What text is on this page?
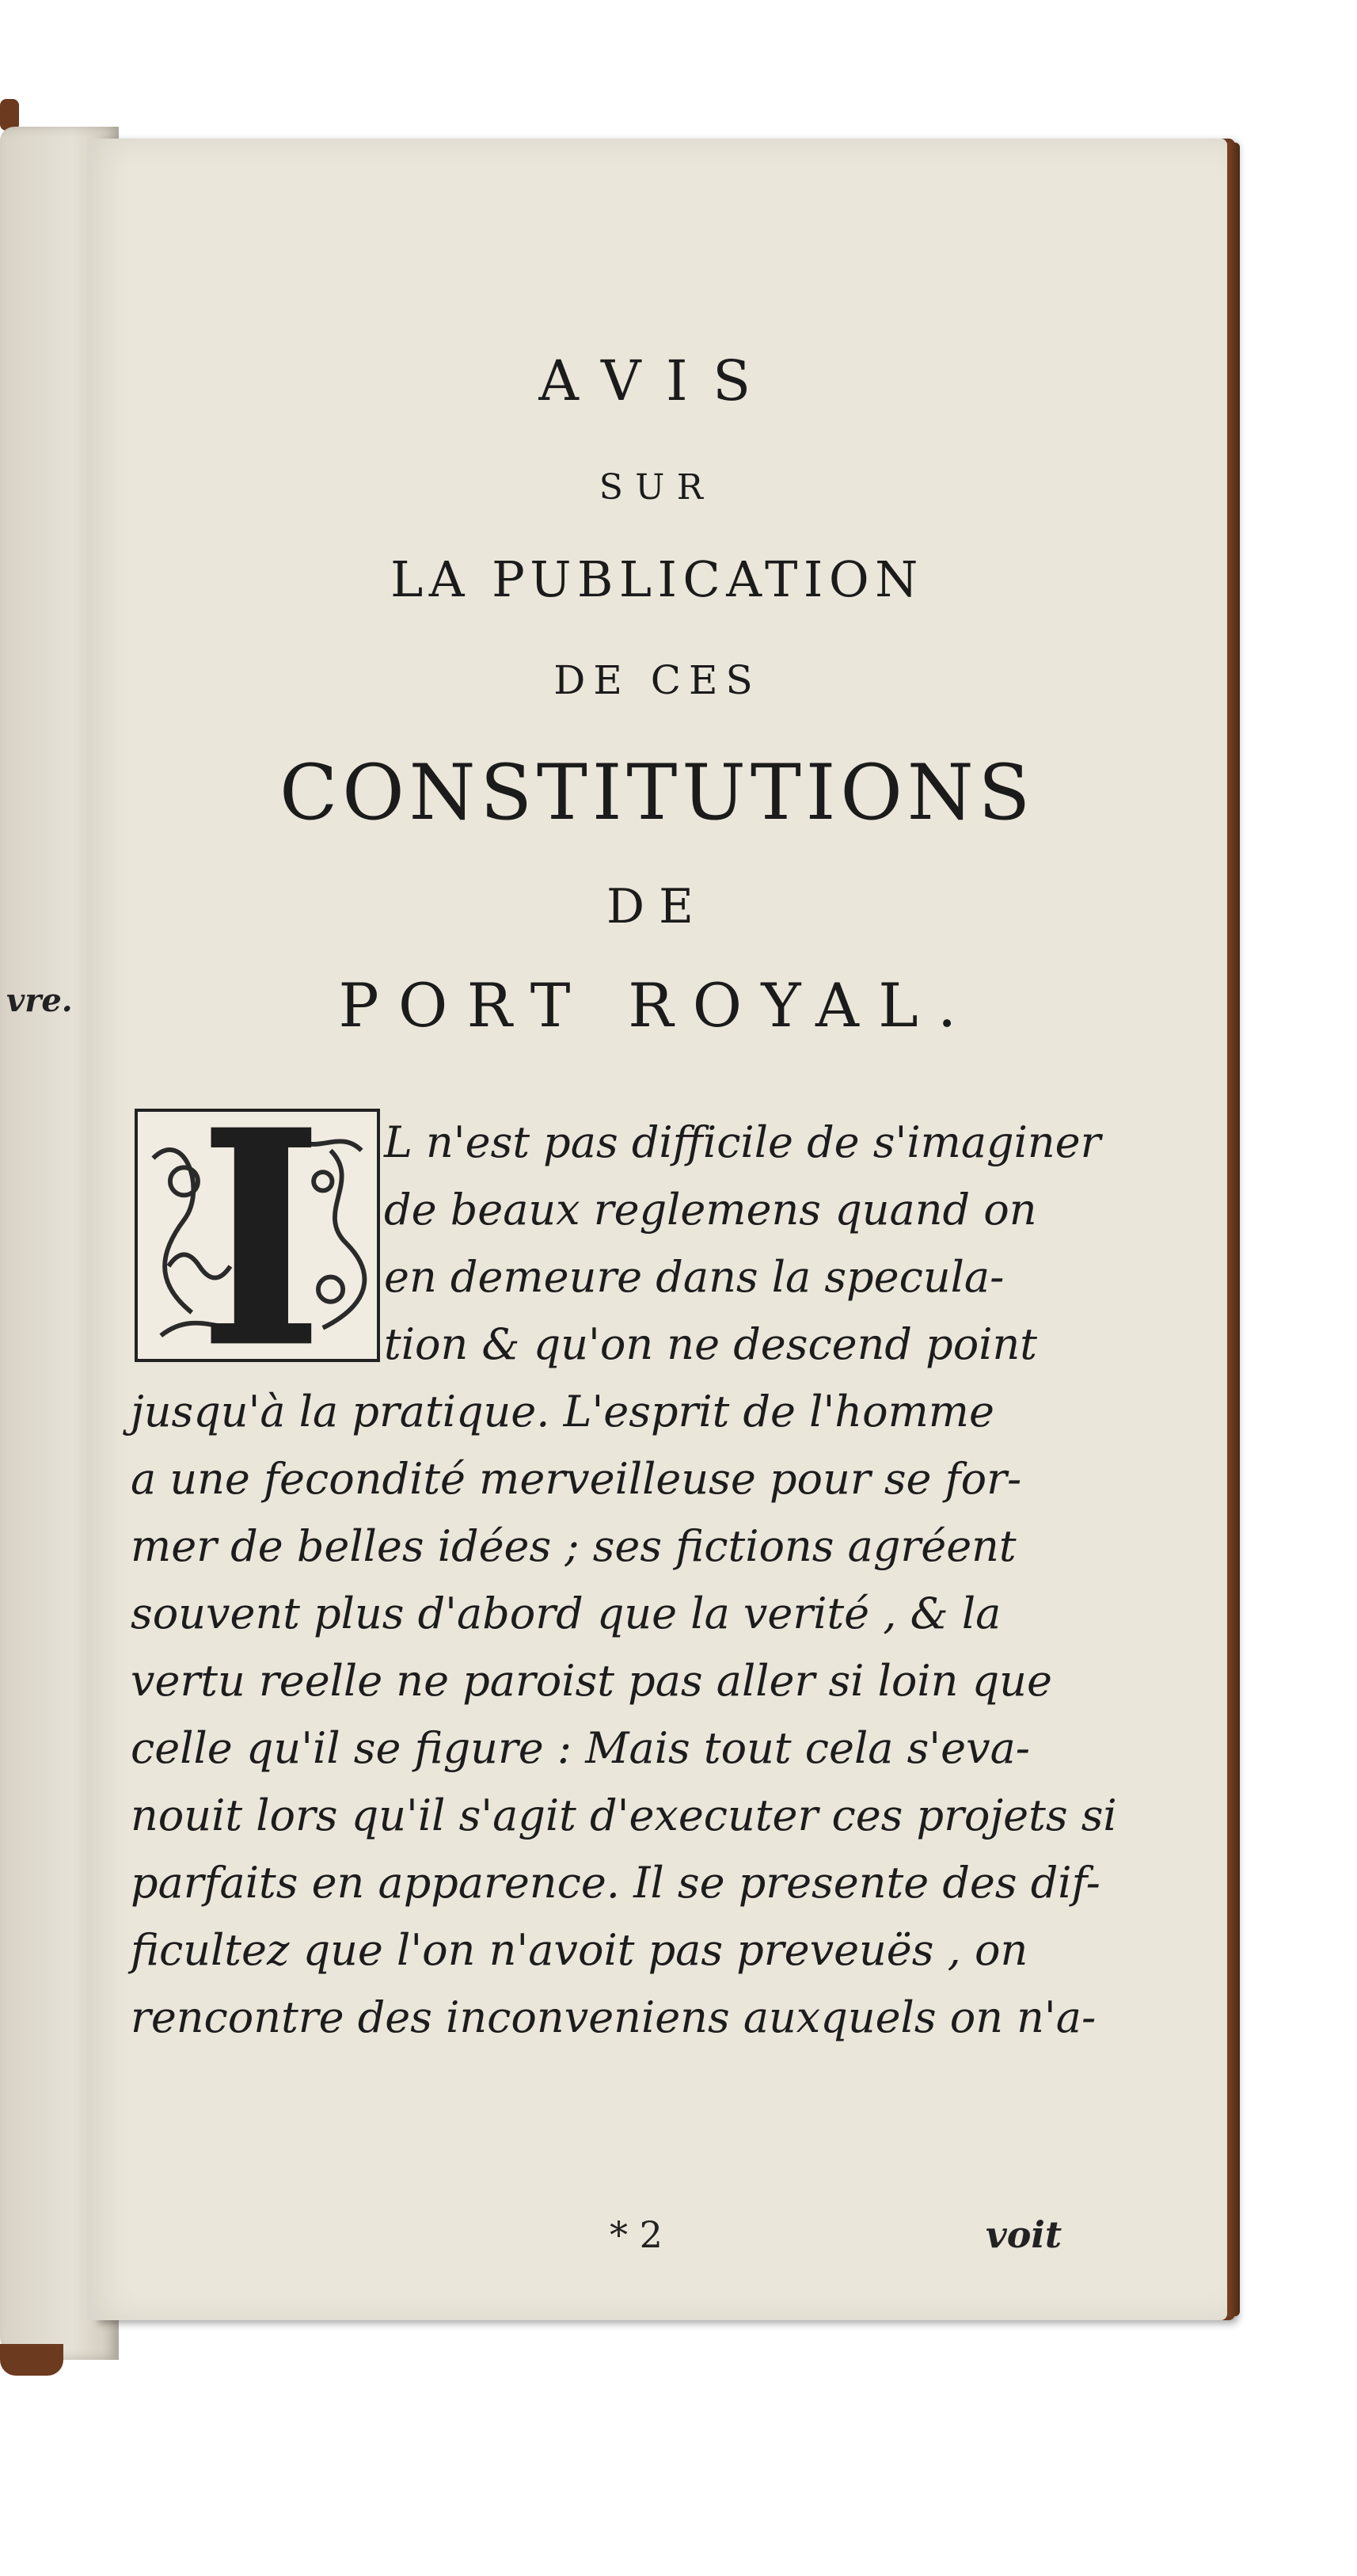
vre.
AVIS
SUR
LA PUBLICATION
DE CES
CONSTITUTIONS
DE
PORT ROYAL.
L n'est pas difficile de s'imaginer
de beaux reglemens quand on
en demeure dans la specula-
tion & qu'on ne descend point
jusqu'à la pratique. L'esprit de l'homme
a une fecondité merveilleuse pour se for-
mer de belles idées ; ses fictions agréent
souvent plus d'abord que la verité , & la
vertu reelle ne paroist pas aller si loin que
celle qu'il se figure : Mais tout cela s'eva-
nouit lors qu'il s'agit d'executer ces projets si
parfaits en apparence. Il se presente des dif-
ficultez que l'on n'avoit pas preveuës , on
rencontre des inconveniens auxquels on n'a-
* 2	voit
